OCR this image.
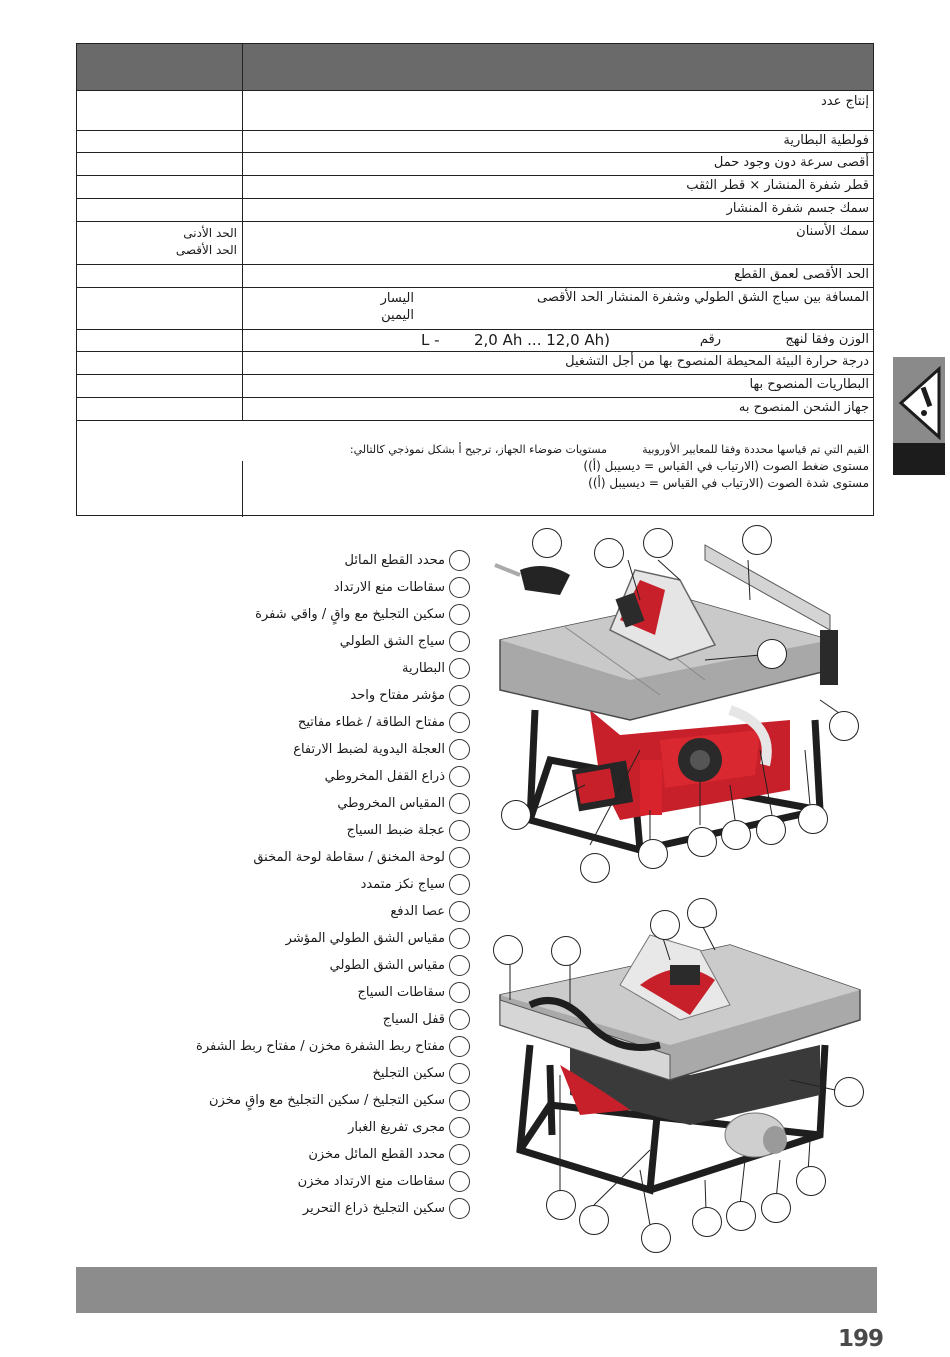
إنتاج عدد
فولطية البطارية
أقصى سرعة دون وجود حمل
قطر شفرة المنشار × قطر الثقب
سمك جسم شفرة المنشار
سمك الأسنان
الحد الأدنى
الحد الأقصى
الحد الأقصى لعمق القطع
المسافة بين سياج الشق الطولي وشفرة المنشار الحد الأقصى
اليسار
اليمين
الوزن وفقا لنهج
رقم
2,0 Ah ... 12,0 Ah)
L -
درجة حرارة البيئة المحيطة المنصوح بها من أجل التشغيل
البطاريات المنصوح بها
جهاز الشحن المنصوح به
القيم التي تم قياسها محددة وفقا للمعايير الأوروبية
مستويات ضوضاء الجهاز، ترجيح أ بشكل نموذجي كالتالي:
مستوى ضغط الصوت (الارتياب في القياس = ديسيبل (أ))
مستوى شدة الصوت (الارتياب في القياس = ديسيبل (أ))
محدد القطع المائل
سقاطات منع الارتداد
سكين التجليخ مع واقٍ / واقي شفرة
سياج الشق الطولي
البطارية
مؤشر مفتاح واحد
مفتاح الطاقة / غطاء مفاتيح
العجلة اليدوية لضبط الارتفاع
ذراع القفل المخروطي
المقياس المخروطي
عجلة ضبط السياج
لوحة المخنق / سقاطة لوحة المخنق
سياج نكز متمدد
عصا الدفع
مقياس الشق الطولي المؤشر
مقياس الشق الطولي
سقاطات السياج
قفل السياج
مفتاح ربط الشفرة مخزن / مفتاح ربط الشفرة
سكين التجليخ
سكين التجليخ / سكين التجليخ مع واقٍ مخزن
مجرى تفريغ الغبار
محدد القطع المائل مخزن
سقاطات منع الارتداد مخزن
سكين التجليخ ذراع التحرير
199
